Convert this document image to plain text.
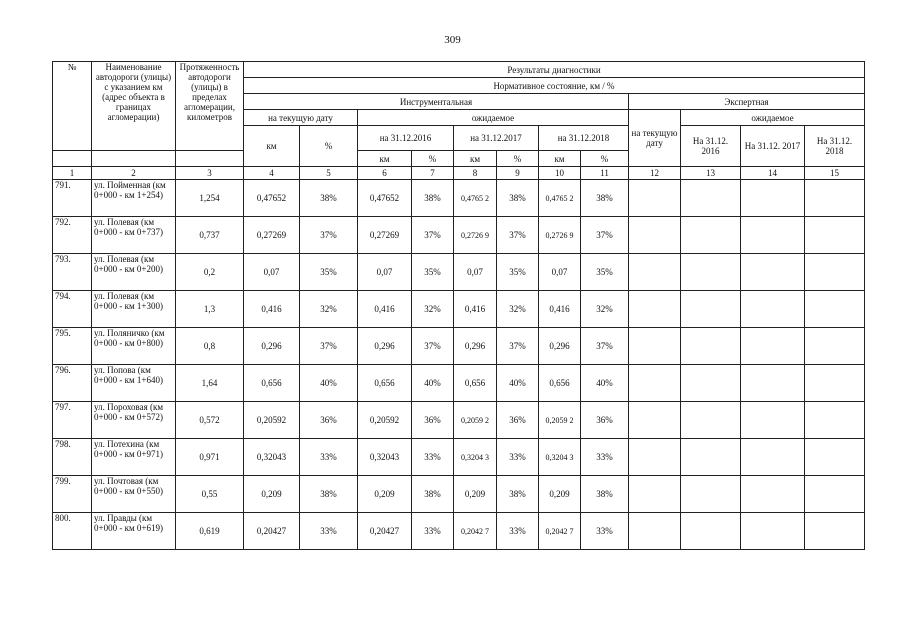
309
№	Наименование автодороги (улицы) с указанием км (адрес объекта в границах агломерации)	Протяженность автодороги (улицы) в пределах агломерации, километров	Результаты диагностики											
			Нормативное состояние, км / %											
			Инструментальная								Экспертная			
			на текущую дату		ожидаемое						на текущую дату	ожидаемое		
			км	%	на 31.12.2016		на 31.12.2017		на 31.12.2018			На 31.12. 2016	На 31.12. 2017	На 31.12. 2018
					км	%	км	%	км	%				
1	2	3	4	5	6	7	8	9	10	11	12	13	14	15
791.	ул. Пойменная (км 0+000 - км 1+254)	1,254	0,47652	38%	0,47652	38%	0,4765 2	38%	0,4765 2	38%				
792.	ул. Полевая (км 0+000 - км 0+737)	0,737	0,27269	37%	0,27269	37%	0,2726 9	37%	0,2726 9	37%				
793.	ул. Полевая (км 0+000 - км 0+200)	0,2	0,07	35%	0,07	35%	0,07	35%	0,07	35%				
794.	ул. Полевая (км 0+000 - км 1+300)	1,3	0,416	32%	0,416	32%	0,416	32%	0,416	32%				
795.	ул. Поляничко (км 0+000 - км 0+800)	0,8	0,296	37%	0,296	37%	0,296	37%	0,296	37%				
796.	ул. Попова (км 0+000 - км 1+640)	1,64	0,656	40%	0,656	40%	0,656	40%	0,656	40%				
797.	ул. Пороховая (км 0+000 - км 0+572)	0,572	0,20592	36%	0,20592	36%	0,2059 2	36%	0,2059 2	36%				
798.	ул. Потехина (км 0+000 - км 0+971)	0,971	0,32043	33%	0,32043	33%	0,3204 3	33%	0,3204 3	33%				
799.	ул. Почтовая (км 0+000 - км 0+550)	0,55	0,209	38%	0,209	38%	0,209	38%	0,209	38%				
800.	ул. Правды (км 0+000 - км 0+619)	0,619	0,20427	33%	0,20427	33%	0,2042 7	33%	0,2042 7	33%				
